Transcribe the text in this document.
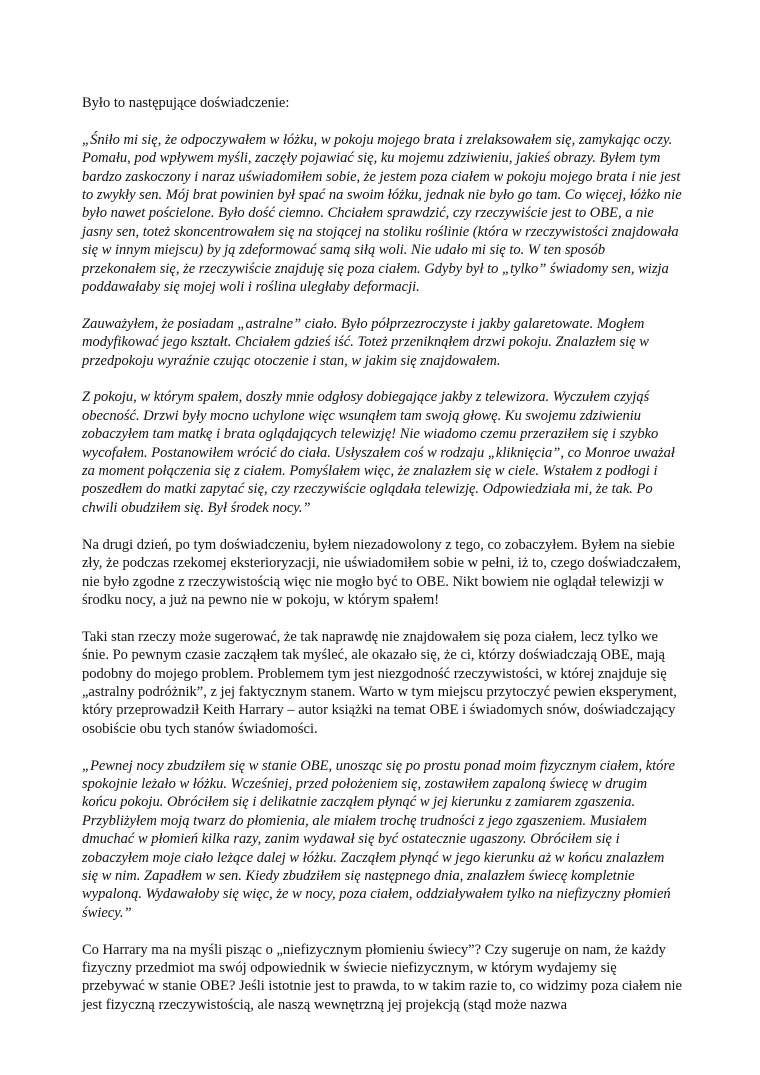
Było to następujące doświadczenie:

„Śniło mi się, że odpoczywałem w łóżku, w pokoju mojego brata i zrelaksowałem się, zamykając oczy. Pomału, pod wpływem myśli, zaczęły pojawiać się, ku mojemu zdziwieniu, jakieś obrazy. Byłem tym bardzo zaskoczony i naraz uświadomiłem sobie, że jestem poza ciałem w pokoju mojego brata i nie jest to zwykły sen. Mój brat powinien był spać na swoim łóżku, jednak nie było go tam. Co więcej, łóżko nie było nawet pościelone. Było dość ciemno. Chciałem sprawdzić, czy rzeczywiście jest to OBE, a nie jasny sen, toteż skoncentrowałem się na stojącej na stoliku roślinie (która w rzeczywistości znajdowała się w innym miejscu) by ją zdeformować samą siłą woli. Nie udało mi się to. W ten sposób przekonałem się, że rzeczywiście znajduję się poza ciałem. Gdyby był to „tylko” świadomy sen, wizja poddawałaby się mojej woli i roślina uległaby deformacji.

Zauważyłem, że posiadam „astralne” ciało. Było półprzezroczyste i jakby galaretowate. Mogłem modyfikować jego kształt. Chciałem gdzieś iść. Toteż przeniknąłem drzwi pokoju. Znalazłem się w przedpokoju wyraźnie czując otoczenie i stan, w jakim się znajdowałem.

Z pokoju, w którym spałem, doszły mnie odgłosy dobiegające jakby z telewizora. Wyczułem czyjąś obecność. Drzwi były mocno uchylone więc wsunąłem tam swoją głowę. Ku swojemu zdziwieniu zobaczyłem tam matkę i brata oglądających telewizję! Nie wiadomo czemu przeraziłem się i szybko wycofałem. Postanowiłem wrócić do ciała. Usłyszałem coś w rodzaju „kliknięcia”, co Monroe uważał za moment połączenia się z ciałem. Pomyślałem więc, że znalazłem się w ciele. Wstałem z podłogi i poszedłem do matki zapytać się, czy rzeczywiście oglądała telewizję. Odpowiedziała mi, że tak. Po chwili obudziłem się. Był środek nocy.”

Na drugi dzień, po tym doświadczeniu, byłem niezadowolony z tego, co zobaczyłem. Byłem na siebie zły, że podczas rzekomej eksterioryzacji, nie uświadomiłem sobie w pełni, iż to, czego doświadczałem, nie było zgodne z rzeczywistością więc nie mogło być to OBE. Nikt bowiem nie oglądał telewizji w środku nocy, a już na pewno nie w pokoju, w którym spałem!

Taki stan rzeczy może sugerować, że tak naprawdę nie znajdowałem się poza ciałem, lecz tylko we śnie. Po pewnym czasie zacząłem tak myśleć, ale okazało się, że ci, którzy doświadczają OBE, mają podobny do mojego problem. Problemem tym jest niezgodność rzeczywistości, w której znajduje się „astralny podróżnik”, z jej faktycznym stanem. Warto w tym miejscu przytoczyć pewien eksperyment, który przeprowadził Keith Harrary – autor książki na temat OBE i świadomych snów, doświadczający osobiście obu tych stanów świadomości.

„Pewnej nocy zbudziłem się w stanie OBE, unosząc się po prostu ponad moim fizycznym ciałem, które spokojnie leżało w łóżku. Wcześniej, przed położeniem się, zostawiłem zapaloną świecę w drugim końcu pokoju. Obróciłem się i delikatnie zacząłem płynąć w jej kierunku z zamiarem zgaszenia. Przybliżyłem moją twarz do płomienia, ale miałem trochę trudności z jego zgaszeniem. Musiałem dmuchać w płomień kilka razy, zanim wydawał się być ostatecznie ugaszony. Obróciłem się i zobaczyłem moje ciało leżące dalej w łóżku. Zacząłem płynąć w jego kierunku aż w końcu znalazłem się w nim. Zapadłem w sen. Kiedy zbudziłem się następnego dnia, znalazłem świecę kompletnie wypaloną. Wydawałoby się więc, że w nocy, poza ciałem, oddziaływałem tylko na niefizyczny płomień świecy.”

Co Harrary ma na myśli pisząc o „niefizycznym płomieniu świecy”? Czy sugeruje on nam, że każdy fizyczny przedmiot ma swój odpowiednik w świecie niefizycznym, w którym wydajemy się przebywać w stanie OBE? Jeśli istotnie jest to prawda, to w takim razie to, co widzimy poza ciałem nie jest fizyczną rzeczywistością, ale naszą wewnętrzną jej projekcją (stąd może nazwa
